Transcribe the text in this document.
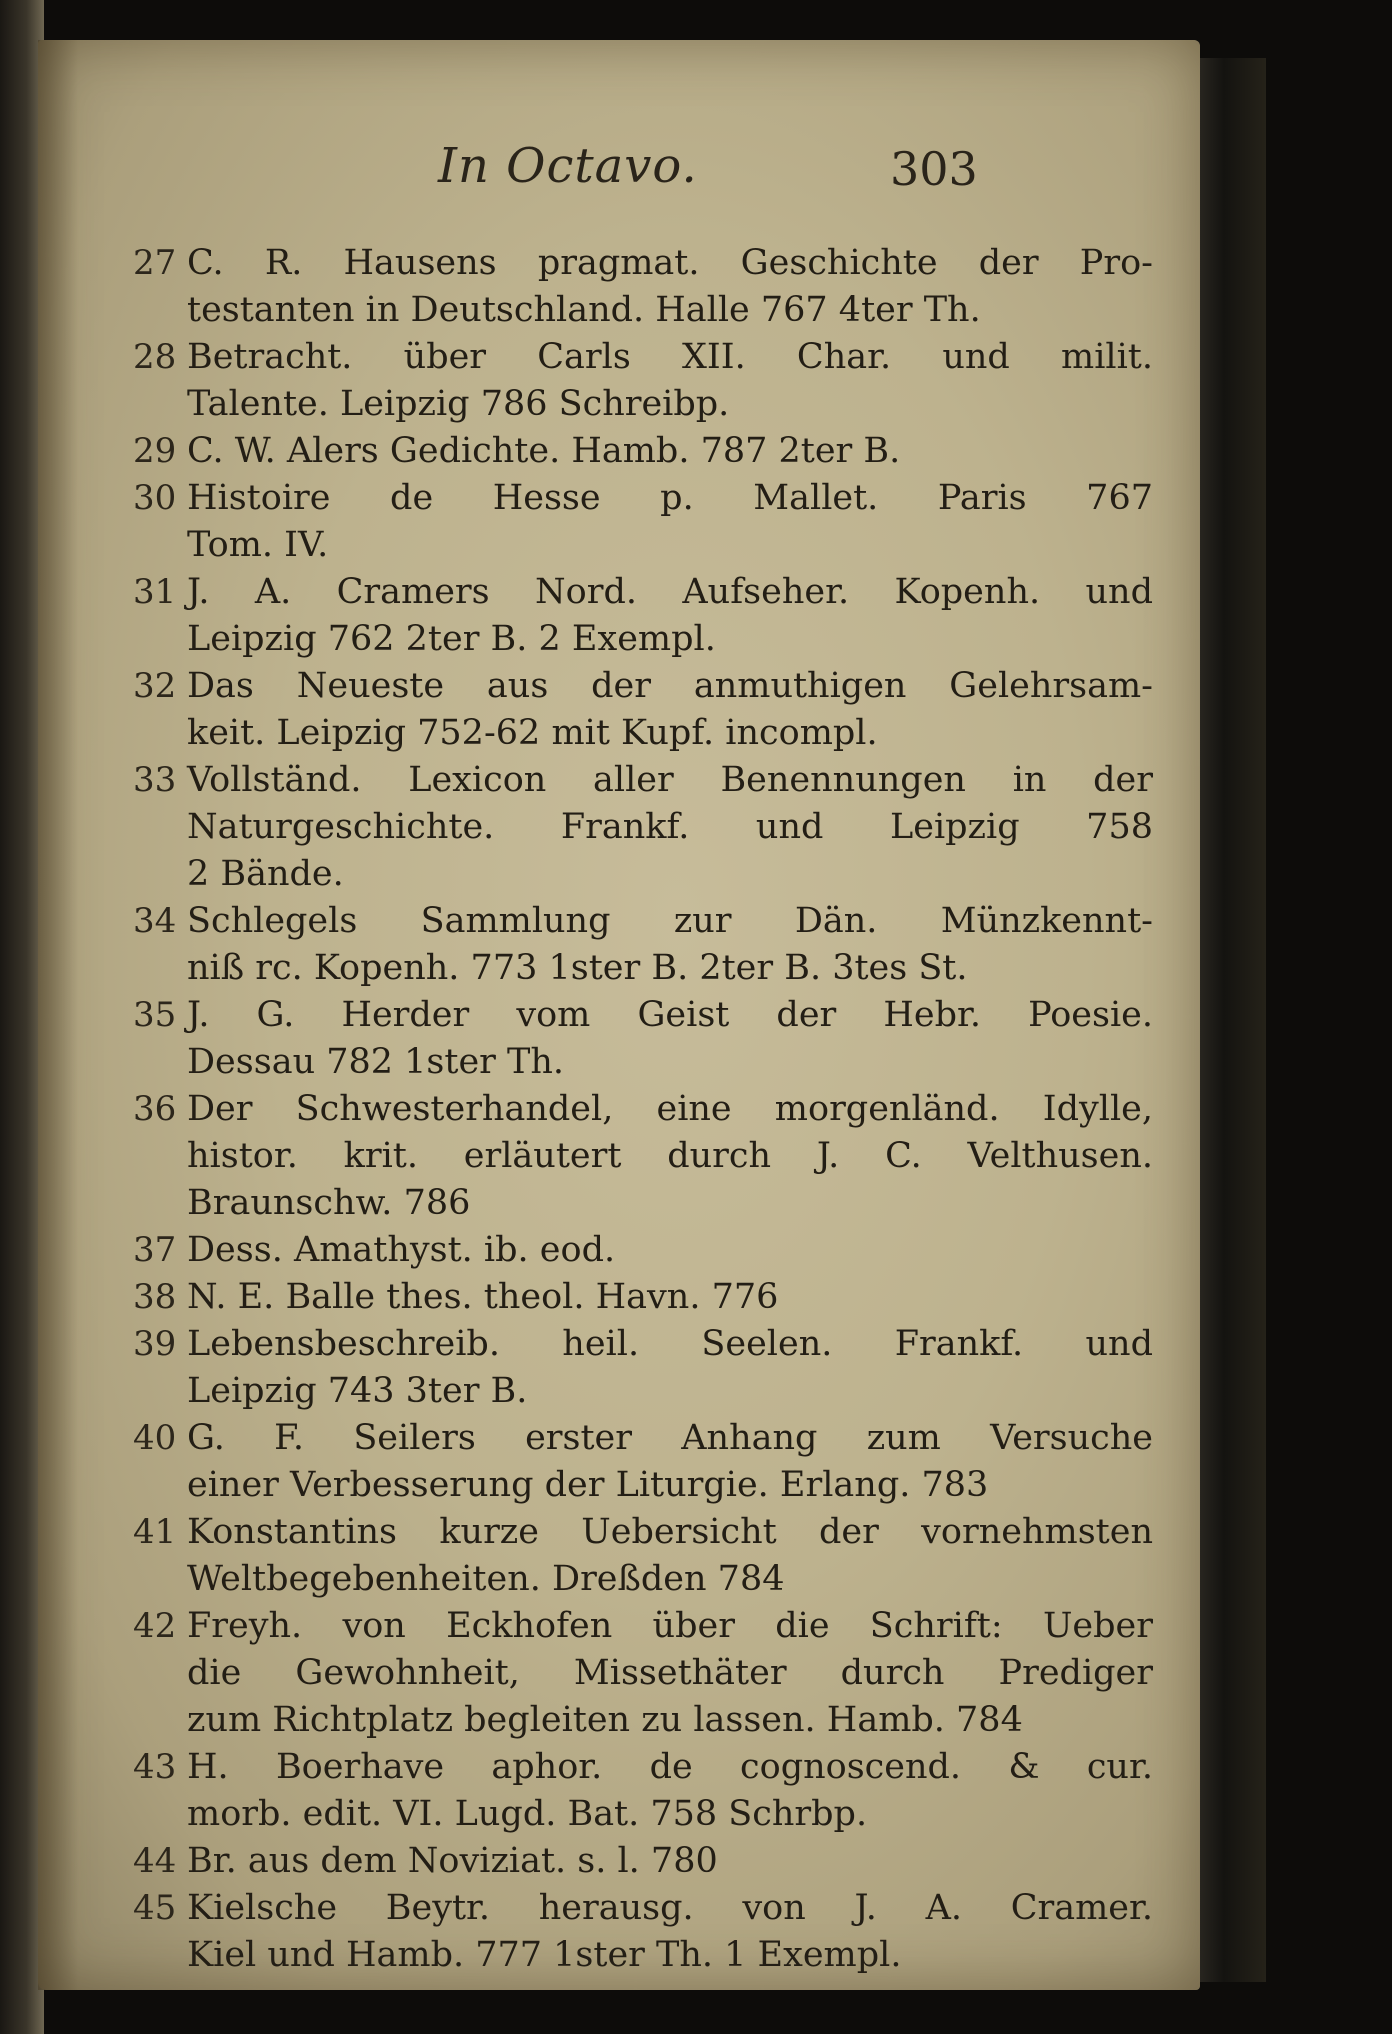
In Octavo.	303
27 C. R. Hausens pragmat. Geschichte der Pro-
testanten in Deutschland. Halle 767 4ter Th.
28 Betracht. über Carls XII. Char. und milit.
Talente. Leipzig 786 Schreibp.
29 C. W. Alers Gedichte. Hamb. 787 2ter B.
30 Histoire de Hesse p. Mallet. Paris 767
Tom. IV.
31 J. A. Cramers Nord. Aufseher. Kopenh. und
Leipzig 762 2ter B. 2 Exempl.
32 Das Neueste aus der anmuthigen Gelehrsam-
keit. Leipzig 752-62 mit Kupf. incompl.
33 Vollständ. Lexicon aller Benennungen in der
Naturgeschichte. Frankf. und Leipzig 758
2 Bände.
34 Schlegels Sammlung zur Dän. Münzkennt-
niß rc. Kopenh. 773 1ster B. 2ter B. 3tes St.
35 J. G. Herder vom Geist der Hebr. Poesie.
Dessau 782 1ster Th.
36 Der Schwesterhandel, eine morgenländ. Idylle,
histor. krit. erläutert durch J. C. Velthusen.
Braunschw. 786
37 Dess. Amathyst. ib. eod.
38 N. E. Balle thes. theol. Havn. 776
39 Lebensbeschreib. heil. Seelen. Frankf. und
Leipzig 743 3ter B.
40 G. F. Seilers erster Anhang zum Versuche
einer Verbesserung der Liturgie. Erlang. 783
41 Konstantins kurze Uebersicht der vornehmsten
Weltbegebenheiten. Dreßden 784
42 Freyh. von Eckhofen über die Schrift: Ueber
die Gewohnheit, Missethäter durch Prediger
zum Richtplatz begleiten zu lassen. Hamb. 784
43 H. Boerhave aphor. de cognoscend. & cur.
morb. edit. VI. Lugd. Bat. 758 Schrbp.
44 Br. aus dem Noviziat. s. l. 780
45 Kielsche Beytr. herausg. von J. A. Cramer.
Kiel und Hamb. 777 1ster Th. 1 Exempl.
